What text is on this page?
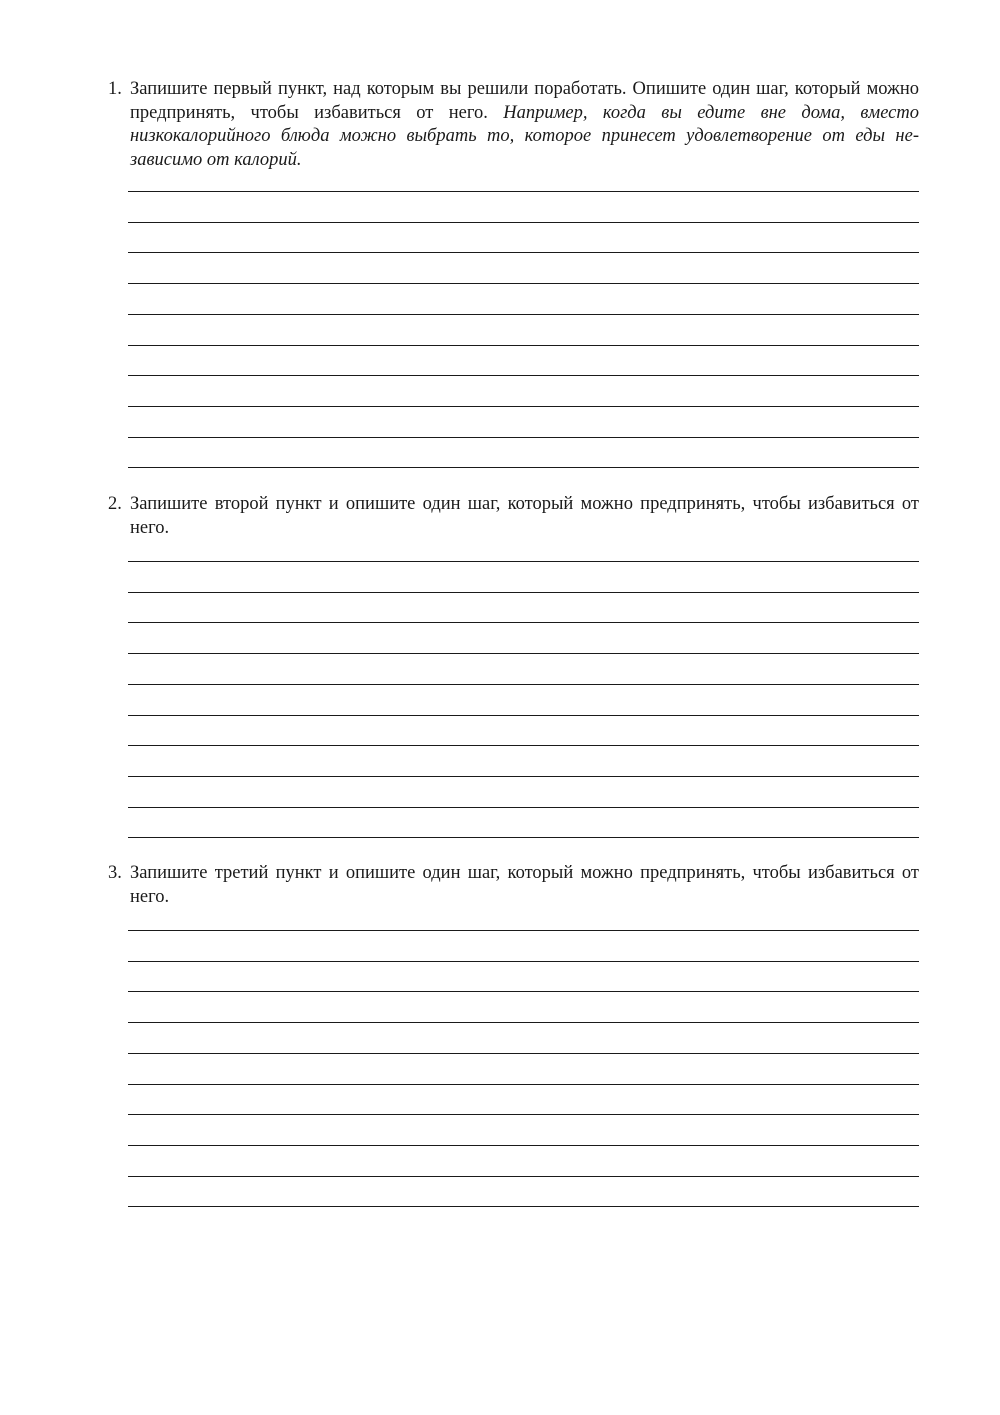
1. Запишите первый пункт, над которым вы решили поработать. Опишите один шаг, который можно предпринять, чтобы избавиться от него. Например, когда вы едите вне дома, вместо низкокалорийного блюда можно выбрать то, которое принесет удовлетворение от еды независимо от калорий.
2. Запишите второй пункт и опишите один шаг, который можно предпринять, чтобы избавиться от него.
3. Запишите третий пункт и опишите один шаг, который можно предпринять, чтобы избавиться от него.
